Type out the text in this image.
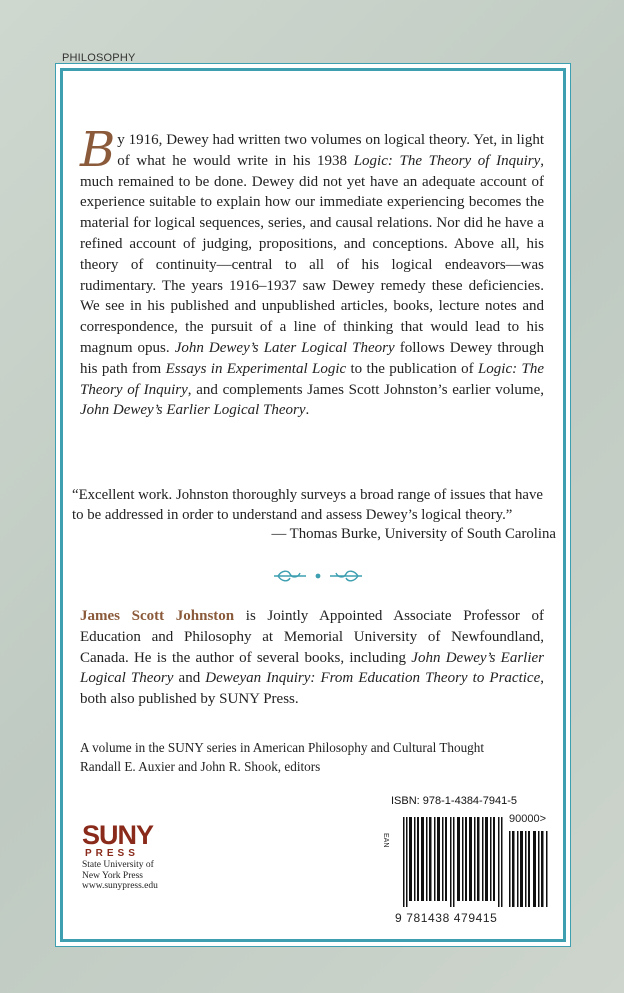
PHILOSOPHY
By 1916, Dewey had written two volumes on logical theory. Yet, in light of what he would write in his 1938 Logic: The Theory of Inquiry, much remained to be done. Dewey did not yet have an adequate account of experience suitable to explain how our immediate experiencing becomes the material for logical sequences, series, and causal relations. Nor did he have a refined account of judging, propositions, and conceptions. Above all, his theory of continuity—central to all of his logical endeavors—was rudimentary. The years 1916–1937 saw Dewey remedy these deficiencies. We see in his published and unpublished articles, books, lecture notes and correspondence, the pursuit of a line of thinking that would lead to his magnum opus. John Dewey’s Later Logical Theory follows Dewey through his path from Essays in Experimental Logic to the publication of Logic: The Theory of Inquiry, and complements James Scott Johnston’s earlier volume, John Dewey’s Earlier Logical Theory.
“Excellent work. Johnston thoroughly surveys a broad range of issues that have to be addressed in order to understand and assess Dewey’s logical theory.”
— Thomas Burke, University of South Carolina
James Scott Johnston is Jointly Appointed Associate Professor of Education and Philosophy at Memorial University of Newfoundland, Canada. He is the author of several books, including John Dewey’s Earlier Logical Theory and Deweyan Inquiry: From Education Theory to Practice, both also published by SUNY Press.
A volume in the SUNY series in American Philosophy and Cultural Thought
Randall E. Auxier and John R. Shook, editors
ISBN: 978-1-4384-7941-5
EAN
90000>
9 781438 479415
SUNY
PRESS
State University of
New York Press
www.sunypress.edu
